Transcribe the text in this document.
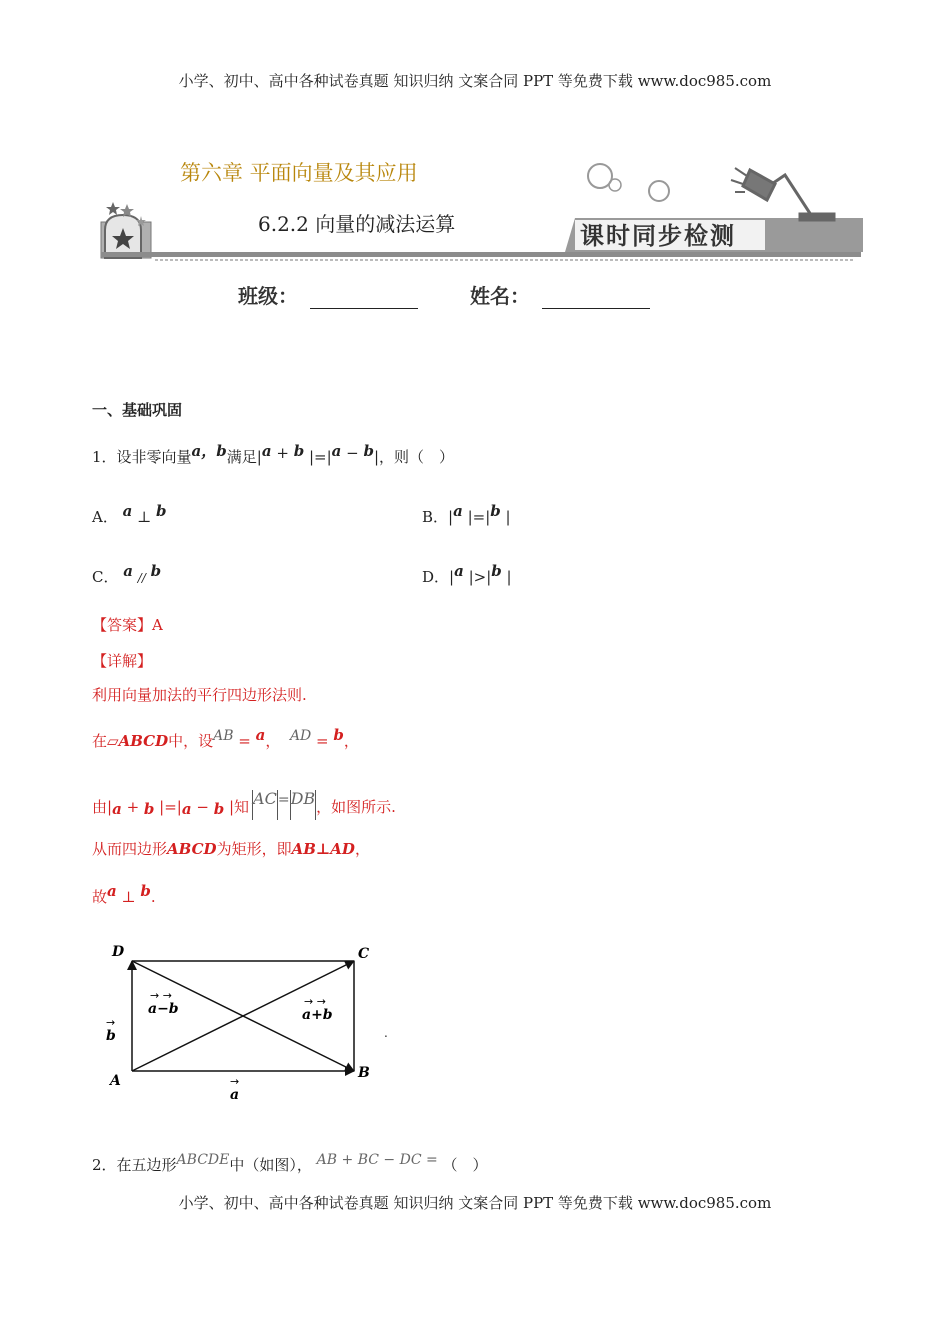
小学、初中、高中各种试卷真题 知识归纳 文案合同 PPT 等免费下载 www.doc985.com
第六章 平面向量及其应用
6.2.2 向量的减法运算	课时同步检测
班级：	姓名：
一、基础巩固
1．设非零向量a，b满足|a + b |=|a − b|，则（　）
A． a ⊥ b	B．|a |=|b |
C． a // b	D．|a |>|b |
【答案】A
【详解】
利用向量加法的平行四边形法则.
在▱ABCD中，设AB = a， AD = b，
由|a + b |=|a − b |知 AC=DB，如图所示.
从而四边形ABCD为矩形，即AB⊥AD，
故a ⊥ b.
D	C
B
A
a
→
b
→
a−b
→ →
a+b
→ →
.
2．在五边形ABCDE中（如图）， AB + BC − DC = （　）
小学、初中、高中各种试卷真题 知识归纳 文案合同 PPT 等免费下载 www.doc985.com
